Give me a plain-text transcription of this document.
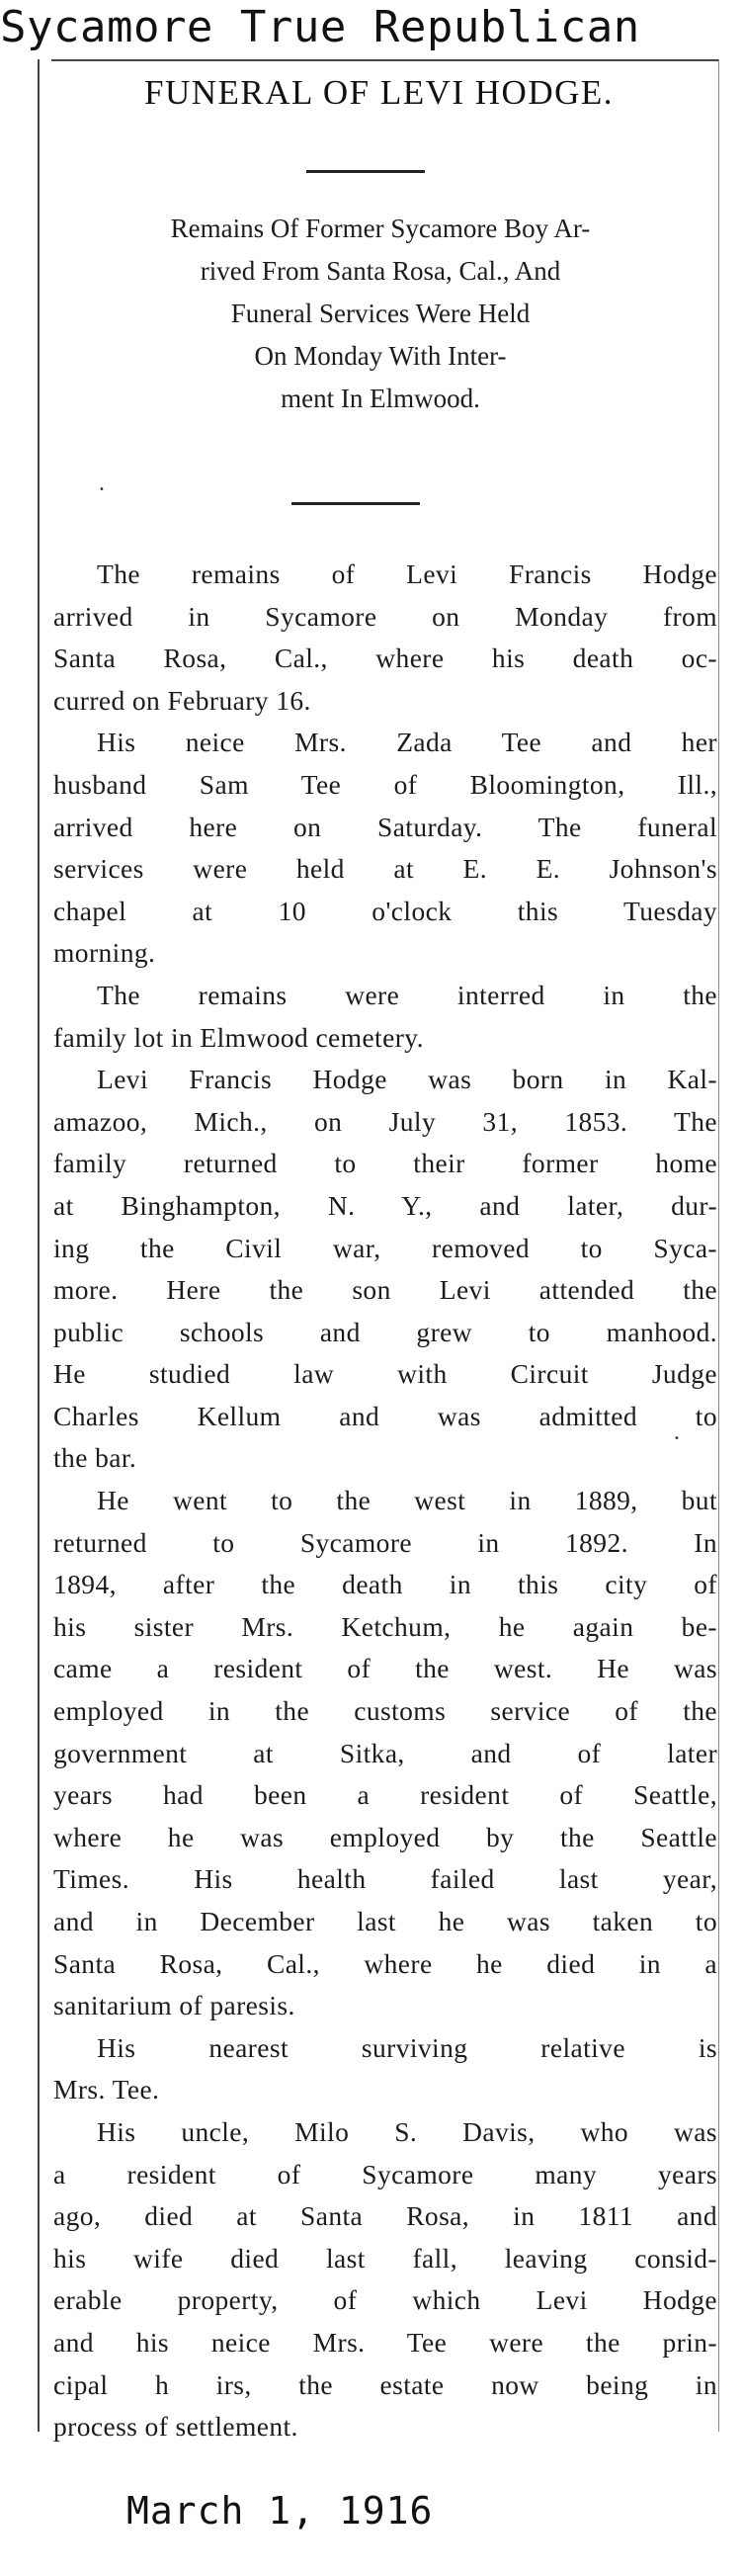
Sycamore True Republican
FUNERAL OF LEVI HODGE.
Remains Of Former Sycamore Boy Ar-
rived From Santa Rosa, Cal., And
Funeral Services Were Held
On Monday With Inter-
ment In Elmwood.
The remains of Levi Francis Hodge
arrived in Sycamore on Monday from
Santa Rosa, Cal., where his death oc-
curred on February 16.
His neice Mrs. Zada Tee and her
husband Sam Tee of Bloomington, Ill.,
arrived here on Saturday. The funeral
services were held at E. E. Johnson's
chapel at 10 o'clock this Tuesday
morning.
The remains were interred in the
family lot in Elmwood cemetery.
Levi Francis Hodge was born in Kal-
amazoo, Mich., on July 31, 1853. The
family returned to their former home
at Binghampton, N. Y., and later, dur-
ing the Civil war, removed to Syca-
more. Here the son Levi attended the
public schools and grew to manhood.
He studied law with Circuit Judge
Charles Kellum and was admitted to
the bar.
He went to the west in 1889, but
returned to Sycamore in 1892. In
1894, after the death in this city of
his sister Mrs. Ketchum, he again be-
came a resident of the west. He was
employed in the customs service of the
government at Sitka, and of later
years had been a resident of Seattle,
where he was employed by the Seattle
Times. His health failed last year,
and in December last he was taken to
Santa Rosa, Cal., where he died in a
sanitarium of paresis.
His nearest surviving relative is
Mrs. Tee.
His uncle, Milo S. Davis, who was
a resident of Sycamore many years
ago, died at Santa Rosa, in 1811 and
his wife died last fall, leaving consid-
erable property, of which Levi Hodge
and his neice Mrs. Tee were the prin-
cipal h irs, the estate now being in
process of settlement.
•
•
March 1, 1916
